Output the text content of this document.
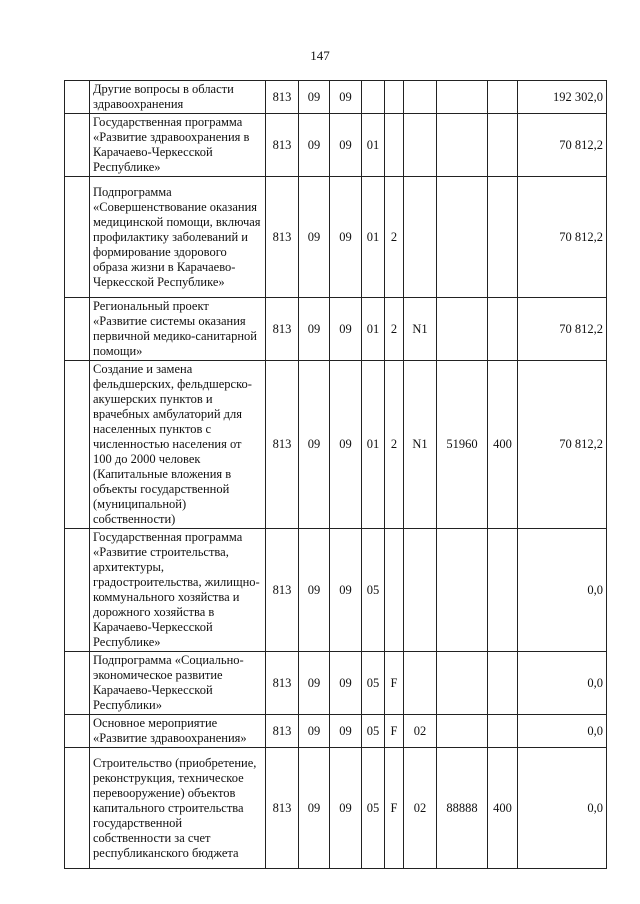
147
	Другие вопросы в области здравоохранения	813	09	09						192 302,0
	Государственная программа «Развитие здравоохранения в Карачаево-Черкесской Республике»	813	09	09	01					70 812,2
	Подпрограмма «Совершенствование оказания медицинской помощи, включая профилактику заболеваний и формирование здорового образа жизни в Карачаево-Черкесской Республике»	813	09	09	01	2				70 812,2
	Региональный проект «Развитие системы оказания первичной медико-санитарной помощи»	813	09	09	01	2	N1			70 812,2
	Создание и замена фельдшерских, фельдшерско-акушерских пунктов и врачебных амбулаторий для населенных пунктов с численностью населения от 100 до 2000 человек (Капитальные вложения в объекты государственной (муниципальной) собственности)	813	09	09	01	2	N1	51960	400	70 812,2
	Государственная программа «Развитие строительства, архитектуры, градостроительства, жилищно-коммунального хозяйства и дорожного хозяйства в Карачаево-Черкесской Республике»	813	09	09	05					0,0
	Подпрограмма «Социально-экономическое развитие Карачаево-Черкесской Республики»	813	09	09	05	F				0,0
	Основное мероприятие «Развитие здравоохранения»	813	09	09	05	F	02			0,0
	Строительство (приобретение, реконструкция, техническое перевооружение) объектов капитального строительства государственной собственности за счет республиканского бюджета	813	09	09	05	F	02	88888	400	0,0
